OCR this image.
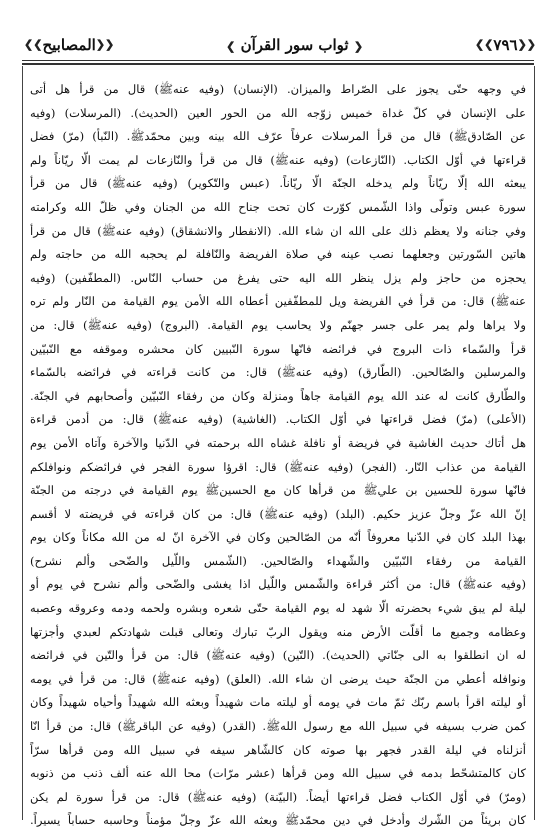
❮❮ المصابيح ❯❯	❮ ثواب سور القرآن ❯	❮❮ ٧٩٦ ❯❯
في وجهه حتّى يجوز على الصّراط والميزان. (الإنسان) (وفيه عنهﷺ) قال من قرأ هل أتى
على الإنسان في كلّ غداة خميس زوّجه الله من الحور العين (الحديث). (المرسلات) (وفيه
عن الصّادقﷺ) قال من قرأ المرسلات عرفاً عرّف الله بينه وبين محمّدﷺ. (النّبأ) (مرّ) فضل
قراءتها في أوّل الكتاب. (النّازعات) (وفيه عنهﷺ) قال من قرأ والنّازعات لم يمت الّا ريّاناً ولم
يبعثه الله إلّا ريّاناً ولم يدخله الجنّة الّا ريّاناً. (عبس والتّكوير) (وفيه عنهﷺ) قال من قرأ
سورة عبس وتولّى واذا الشّمس كوّرت كان تحت جناح الله من الجنان وفي ظلّ الله وكرامته
وفي جنانه ولا يعظم ذلك على الله ان شاء الله. (الانفطار والانشقاق) (وفيه عنهﷺ) قال من قرأ
هاتين السّورتين وجعلهما نصب عينه في صلاة الفريضة والنّافلة لم يحجبه الله من حاجته ولم
يحجزه من حاجز ولم يزل ينظر الله اليه حتى يفرغ من حساب النّاس. (المطفّفين) (وفيه
عنهﷺ) قال: من قرأ في الفريضة ويل للمطفّفين أعطاه الله الأمن يوم القيامة من النّار ولم تره
ولا يراها ولم يمر على جسر جهنّم ولا يحاسب يوم القيامة. (البروج) (وفيه عنهﷺ) قال: من
قرأ والسّماء ذات البروج في فرائضه فانّها سورة النّبيين كان محشره وموقفه مع النّبيّين
والمرسلين والصّالحين. (الطّارق) (وفيه عنهﷺ) قال: من كانت قراءته في فرائضه بالسّماء
والطّارق كانت له عند الله يوم القيامة جاهاً ومنزلة وكان من رفقاء النّبيّين وأصحابهم في الجنّة.
(الأعلى) (مرّ) فضل قراءتها في أوّل الكتاب. (الغاشية) (وفيه عنهﷺ) قال: من أدمن قراءة
هل أتاك حديث الغاشية في فريضة أو نافلة غشاه الله برحمته في الدّنيا والآخرة وآتاه الأمن يوم
القيامة من عذاب النّار. (الفجر) (وفيه عنهﷺ) قال: اقرؤا سورة الفجر في فرائضكم ونوافلكم
فانّها سورة للحسين بن عليﷺ من قرأها كان مع الحسينﷺ يوم القيامة في درجته من الجنّة
إنّ الله عزّ وجلّ عزيز حكيم. (البلد) (وفيه عنهﷺ) قال: من كان قراءته في فريضته لا أقسم
بهذا البلد كان في الدّنيا معروفاً أنّه من الصّالحين وكان في الآخرة انّ له من الله مكاناً وكان يوم
القيامة من رفقاء النّبيّين والشّهداء والصّالحين. (الشّمس واللّيل والضّحى وألم نشرح)
(وفيه عنهﷺ) قال: من أكثر قراءة والشّمس واللّيل اذا يغشى والضّحى وألم نشرح في يوم أو
ليلة لم يبق شيء بحضرته الّا شهد له يوم القيامة حتّى شعره وبشره ولحمه ودمه وعروقه وعصبه
وعظامه وجميع ما أقلّت الأرض منه ويقول الربّ تبارك وتعالى قبلت شهادتكم لعبدي وأجزتها
له ان انطلقوا به الى جنّاتي (الحديث). (التّين) (وفيه عنهﷺ) قال: من قرأ والتّين في فرائضه
ونوافله أعطي من الجنّة حيث يرضى ان شاء الله. (العلق) (وفيه عنهﷺ) قال: من قرأ في يومه
أو ليلته اقرأ باسم ربّك ثمّ مات في يومه أو ليلته مات شهيداً وبعثه الله شهيداً وأحياه شهيداً وكان
كمن ضرب بسيفه في سبيل الله مع رسول اللهﷺ. (القدر) (وفيه عن الباقرﷺ) قال: من قرأ انّا
أنزلناه في ليلة القدر فجهر بها صوته كان كالشّاهر سيفه في سبيل الله ومن قرأها سرّاً
كان كالمتشحّط بدمه في سبيل الله ومن قرأها (عشر مرّات) محا الله عنه ألف ذنب من ذنوبه
(ومرّ) في أوّل الكتاب فضل قراءتها أيضاً. (البيّنة) (وفيه عنهﷺ) قال: من قرأ سورة لم يكن
كان بريئاً من الشّرك وأدخل في دين محمّدﷺ وبعثه الله عزّ وجلّ مؤمناً وحاسبه حساباً يسيراً.
